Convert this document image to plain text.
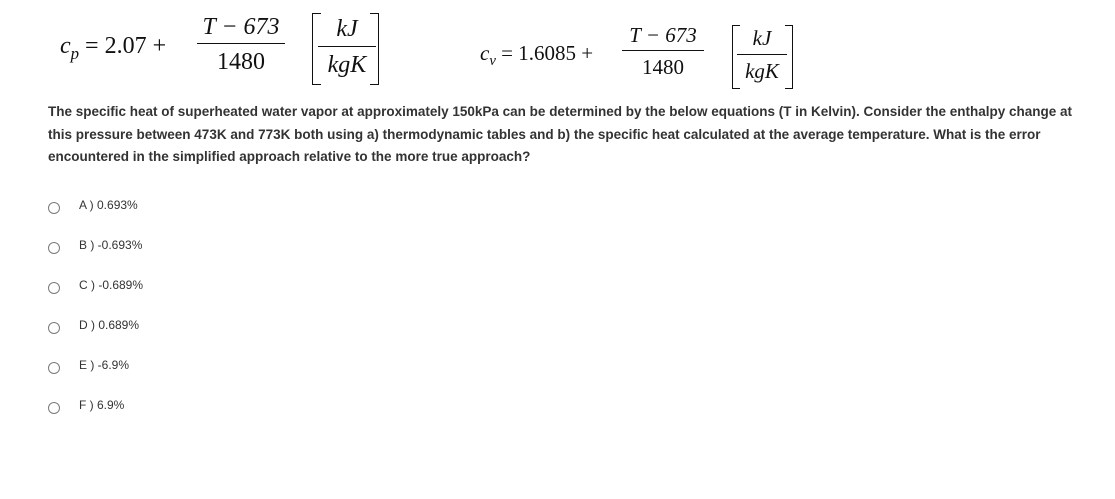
$c_p = 2.07$ +
T − 673
1480
kJ
kgK	$c_v = 1.6085$ +
T − 673
1480
kJ
kgK
The specific heat of superheated water vapor at approximately 150kPa can be determined by the below equations (T in Kelvin). Consider the enthalpy change at this pressure between 473K and 773K both using a) thermodynamic tables and b) the specific heat calculated at the average temperature. What is the error encountered in the simplified approach relative to the more true approach?
A ) 0.693%
B ) -0.693%
C ) -0.689%
D ) 0.689%
E ) -6.9%
F ) 6.9%
